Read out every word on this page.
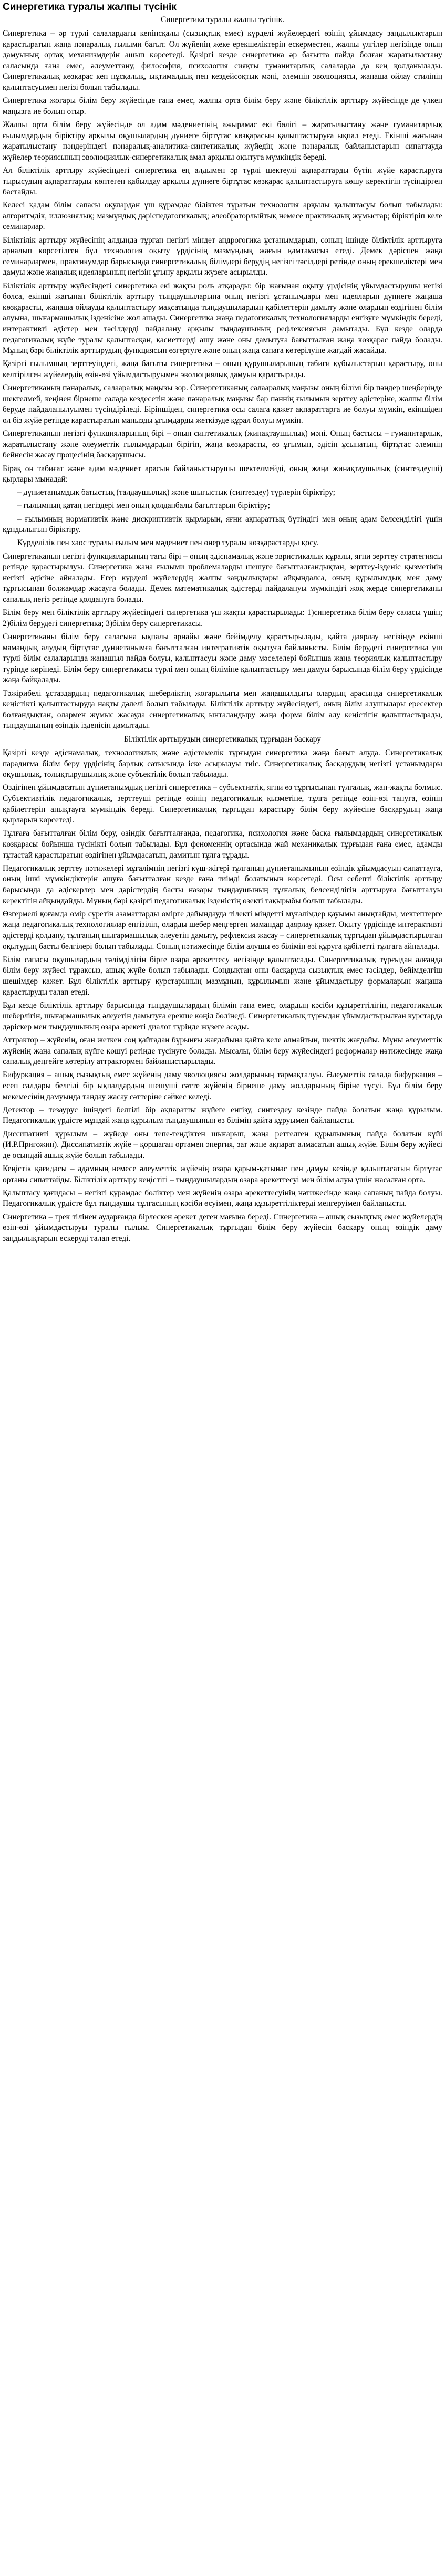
Синергетика туралы жалпы түсінік
Синергетика туралы жалпы түсінік.
Синергетика – әр түрлі салалардағы кепіңсқалы (сызықтық емес) күрделі жүйелердегі өзінің ұйымдасу заңдылықтарын қарастыратын жаңа пәнаралық ғылыми бағыт. Ол жүйенің жеке ерекшеліктерін ескерместен, жалпы үлгілер негізінде оның дамуының ортақ механизмдерін ашып көрсетеді. Қазіргі кезде синергетика әр бағытта пайда болған жаратылыстану саласында ғана емес, әлеуметтану, философия, психология сияқты гуманитарлық салаларда да кең қолданылады. Синергетикалық көзқарас кеп нұсқалық, ықтималдық пен кездейсоқтық мәні, әлемнің эволюциясы, жаңаша ойлау стилінің қалыптасуымен негізі болып табылады.
Синергетика жоғары білім беру жүйесінде ғана емес, жалпы орта білім беру және біліктілік арттыру жүйесінде де үлкен маңызға ие болып отыр.
Жалпы орта білім беру жүйесінде ол адам мәдениетінің ажырамас екі бөлігі – жаратылыстану және гуманитарлық ғылымдардың біріктіру арқылы оқушылардың дүниеге біртұтас көзқарасын қалыптастыруға ықпал етеді. Екінші жағынан жаратылыстану пәндеріндегі пәнаралық-аналитика-синтетикалық жүйедің және пәнаралық байланыстарын сипаттауда жүйелер теориясының эволюциялық-синергетикалық амал арқылы оқытуға мүмкіндік береді.
Ал біліктілік арттыру жүйесіндегі синергетика ең алдымен әр түрлі шектеулі ақпараттарды бүтін жүйе қарастыруға тырысудың ақпараттарды көптеген қабылдау арқылы дүниеге біртұтас көзқарас қалыптастыруға көшу керектігін түсіндірген бастайды.
Келесі қадам білім сапасы оқулардан үш құрамдас біліктен тұратын технология арқылы қалыптасуы болып табылады: алгоритмдік, иллюзиялық; мазмұндық дәріспедагогикалық; әлеобраторлыйтық немесе практикалық жұмыстар; біріктіріп келе семинарлар.
Біліктілік арттыру жүйесінің алдында тұрған негізгі міндет андрогогика ұстанымдарын, соның ішінде біліктілік арттыруға арналып көрсетілген бұл технология оқыту үрдісінің мазмұндық жағын қамтамасыз етеді. Демек дәріспен жаңа семинарлармен, практикумдар барысында синергетикалық білімдері берудің негізгі тәсілдері ретінде оның ерекшеліктері мен дамуы және жаңалық идеяларының негізін ұғыну арқылы жүзеге асырылды.
Біліктілік арттыру жүйесіндегі синергетика екі жақты роль атқарады: бір жағынан оқыту үрдісінің ұйымдастырушы негізі болса, екінші жағынан біліктілік арттыру тыңдаушыларына оның негізгі ұстанымдары мен идеяларын дүниеге жаңаша көзқарасты, жаңаша ойлауды қалыптастыру мақсатында тыңдаушылардың қабілеттерін дамыту және олардың өздігінен білім алуына, шығармашылық ізденісіне жол ашады. Синергетика жаңа педагогикалық технологияларды енгізуге мүмкіндік береді, интерактивті әдістер мен тәсілдерді пайдалану арқылы тыңдаушының рефлексиясын дамытады. Бұл кезде оларда педагогикалық жүйе туралы қалыптасқан, қасиеттерді ашу және оны дамытуға бағытталған жаңа көзқарас пайда болады. Мұның бәрі біліктілік арттырудың функциясын өзгертуге және оның жаңа сапаға көтерілуіне жағдай жасайды.
Қазіргі ғылымның зерттеуіндегі, жаңа бағыты синергетика – оның құрушыларының табиғи құбылыстарын қарастыру, оны келтірілген жүйелердің өзін-өзі ұйымдастыруымен эволюциялық дамуын қарастырады.
Синергетиканың пәнаралық, салааралық маңызы зор. Синергетиканың салааралық маңызы оның білімі бір пәндер шеңберінде шектелмей, кеңінен бірнеше салада кездесетін және пәнаралық маңызы бар пәннің ғылымын зерттеу әдістеріне, жалпы білім беруде пайдаланылуымен түсіндіріледі. Біріншіден, синергетика осы салаға қажет ақпараттарға ие болуы мүмкін, екіншіден ол біз жүйе ретінде қарастыратын маңызды ұғымдарды жеткізуде құрал болуы мүмкін.
Синергетиканың негізгі функцияларының бірі – оның синтетикалық (жинақтаушылық) мәні. Оның бастысы – гуманитарлық, жаратылыстану және әлеуметтік ғылымдардың бірігіп, жаңа көзқарасты, өз ұғымын, әдісін ұсынатын, біртұтас әлемнің бейнесін жасау процесінің басқарушысы.
Бірақ он табиғат және адам мәдениет арасын байланыстырушы шектелмейді, оның жаңа жинақтаушылық (синтездеуші) қырлары мынадай:
– дүниетанымдық батыстық (талдаушылық) және шығыстық (синтездеу) түрлерін біріктіру;
– ғылымның қатаң негіздері мен оның қолданбалы бағыттарын біріктіру;
– ғылымның нормативтік және дискриптивтік қырларын, яғни ақпараттық бүтіндігі мен оның адам белсенділігі үшін құндылығын біріктіру.
Күрделілік пен хаос туралы ғылым мен мәдениет пен өнер туралы көзқарастарды қосу.
Синергетиканың негізгі функцияларының тағы бірі – оның әдіснамалық және эвристикалық құралы, яғни зерттеу стратегиясы ретінде қарастырылуы. Синергетика жаңа ғылыми проблемаларды шешуге бағытталғандықтан, зерттеу-ізденіс қызметінің негізгі әдісіне айналады. Егер күрделі жүйелердің жалпы заңдылықтары айқындалса, оның құрылымдық мен даму тұрғысынан болжамдар жасауға болады. Демек математикалық әдістерді пайдалануы мүмкіндігі жоқ жерде синергетиканы сапалық негіз ретінде қолдануға болады.
Білім беру мен біліктілік арттыру жүйесіндегі синергетика үш жақты қарастырылады: 1)синергетика білім беру саласы үшін; 2)білім берудегі синергетика; 3)білім беру синергетикасы.
Синергетиканы білім беру саласына ықпалы арнайы және бейімделу қарастырылады, қайта даярлау негізінде екінші мамандық алудың біртұтас дүниетанымға бағытталған интегративтік оқытуға байланысты. Білім берудегі синергетика үш түрлі білім салаларында жаңашыл пайда болуы, қалыптасуы және даму мәселелері бойынша жаңа теориялық қалыптастыру түрінде көрінеді. Білім беру синергетикасы түрлі мен оның біліміне қалыптастыру мен дамуы барысында білім беру үрдісінде жаңа байқалады.
Тәжірибелі ұстаздардың педагогикалық шеберліктің жоғарылығы мен жаңашылдығы олардың арасында синергетикалық кеңістікті қалыптастыруда нақты дәлелі болып табылады. Біліктілік арттыру жүйесіндегі, оның білім алушылары ересектер болғандықтан, олармен жұмыс жасауда синергетикалық ынталандыру жаңа форма білім алу кеңістігін қалыптастырады, тыңдаушының өзіндік ізденісін дамытады.
Біліктілік арттырудың синергетикалық тұрғыдан басқару
Қазіргі кезде әдіснамалық, технологиялық және әдістемелік тұрғыдан синергетика жаңа бағыт алуда. Синергетикалық парадигма білім беру үрдісінің барлық сатысында іске асырылуы тиіс. Синергетикалық басқарудың негізгі ұстанымдары оқушылық, толықтырушылық және субъектілік болып табылады.
Өздігінен ұйымдасатын дүниетанымдық негізгі синергетика – субъективтік, яғни өз тұрғысынан түлғалық, жан-жақты болмыс. Субъективтілік педагогикалық, зерттеуші ретінде өзінің педагогикалық қызметіне, тұлға ретінде өзін-өзі тануға, өзінің қабілеттерін анықтауға мүмкіндік береді. Синергетикалық тұрғыдан қарастыру білім беру жүйесіне басқарудың жаңа қырларын көрсетеді.
Тұлғаға бағытталған білім беру, өзіндік бағытталғанда, педагогика, психология және басқа ғылымдардың синергетикалық көзқарасы бойынша түсінікті болып табылады. Бұл феноменнің ортасында жай механикалық тұрғыдан ғана емес, адамды тұтастай қарастыратын өздігінен ұйымдасатын, дамитын тұлға тұрады.
Педагогикалық зерттеу нәтижелері мұғалімнің негізгі күш-жігері тұлғаның дүниетанымының өзіндік ұйымдасуын сипаттауға, оның ішкі мүмкіндіктерін ашуға бағытталған кезде ғана тиімді болатынын көрсетеді. Осы себепті біліктілік арттыру барысында да әдіскерлер мен дәрістердің басты назары тыңдаушының тұлғалық белсенділігін арттыруға бағытталуы керектігін айқындайды. Мұның бәрі қазіргі педагогикалық ізденістің өзекті тақырыбы болып табылады.
Өзгермелі қоғамда өмір сүретін азаматтарды өмірге дайындауда тілекті міндетті мұғалімдер қауымы анықтайды, мектептерге жаңа педагогикалық технологиялар енгізіліп, оларды шебер меңгерген мамандар даярлау қажет. Оқыту үрдісінде интерактивті әдістерді қолдану, тұлғаның шығармашылық әлеуетін дамыту, рефлексия жасау – синергетикалық тұрғыдан ұйымдастырылған оқытудың басты белгілері болып табылады. Соның нәтижесінде білім алушы өз білімін өзі құруға қабілетті тұлғаға айналады.
Білім сапасы оқушылардың тәлімділігін бірге өзара әрекеттесу негізінде қалыптасады. Синергетикалық тұрғыдан алғанда білім беру жүйесі тұрақсыз, ашық жүйе болып табылады. Сондықтан оны басқаруда сызықтық емес тәсілдер, бейімделгіш шешімдер қажет. Бұл біліктілік арттыру курстарының мазмұнын, құрылымын және ұйымдастыру формаларын жаңаша қарастыруды талап етеді.
Бұл кезде біліктілік арттыру барысында тыңдаушылардың білімін ғана емес, олардың кәсіби құзыреттілігін, педагогикалық шеберлігін, шығармашылық әлеуетін дамытуға ерекше көңіл бөлінеді. Синергетикалық тұрғыдан ұйымдастырылған курстарда дәріскер мен тыңдаушының өзара әрекеті диалог түрінде жүзеге асады.
Аттрактор – жүйенің, оған жеткен соң қайтадан бұрынғы жағдайына қайта келе алмайтын, шектік жағдайы. Мұны әлеуметтік жүйенің жаңа сапалық күйге көшуі ретінде түсінуге болады. Мысалы, білім беру жүйесіндегі реформалар нәтижесінде жаңа сапалық деңгейге көтерілу аттрактормен байланыстырылады.
Бифуркация – ашық сызықтық емес жүйенің даму эволюциясы жолдарының тармақталуы. Әлеуметтік салада бифуркация – есеп салдары белгілі бір ықпалдардың шешуші сәтте жүйенің бірнеше даму жолдарының біріне түсуі. Бұл білім беру мекемесінің дамуында таңдау жасау сәттеріне сәйкес келеді.
Детектор – тезаурус ішіндегі белгілі бір ақпаратты жүйеге енгізу, синтездеу кезінде пайда болатын жаңа құрылым. Педагогикалық үрдісте мұндай жаңа құрылым тыңдаушының өз білімін қайта құруымен байланысты.
Диссипативті құрылым – жүйеде оны тепе-теңдіктен шығарып, жаңа реттелген құрылымның пайда болатын күйі (И.Р.Пригожин). Диссипативтік жүйе – қоршаған ортамен энергия, зат және ақпарат алмасатын ашық жүйе. Білім беру жүйесі де осындай ашық жүйе болып табылады.
Кеңістік қағидасы – адамның немесе әлеуметтік жүйенің өзара қарым-қатынас пен дамуы кезінде қалыптасатын біртұтас ортаны сипаттайды. Біліктілік арттыру кеңістігі – тыңдаушылардың өзара әрекеттесуі мен білім алуы үшін жасалған орта.
Қалыптасу қағидасы – негізгі құрамдас бөліктер мен жүйенің өзара әрекеттесуінің нәтижесінде жаңа сапаның пайда болуы. Педагогикалық үрдісте бұл тыңдаушы тұлғасының кәсіби өсуімен, жаңа құзыреттіліктерді меңгеруімен байланысты.
Синергетика – грек тілінен аударғанда бірлескен әрекет деген мағына береді. Синергетика – ашық сызықтық емес жүйелердің өзін-өзі ұйымдастыруы туралы ғылым. Синергетикалық тұрғыдан білім беру жүйесін басқару оның өзіндік даму заңдылықтарын ескеруді талап етеді.
